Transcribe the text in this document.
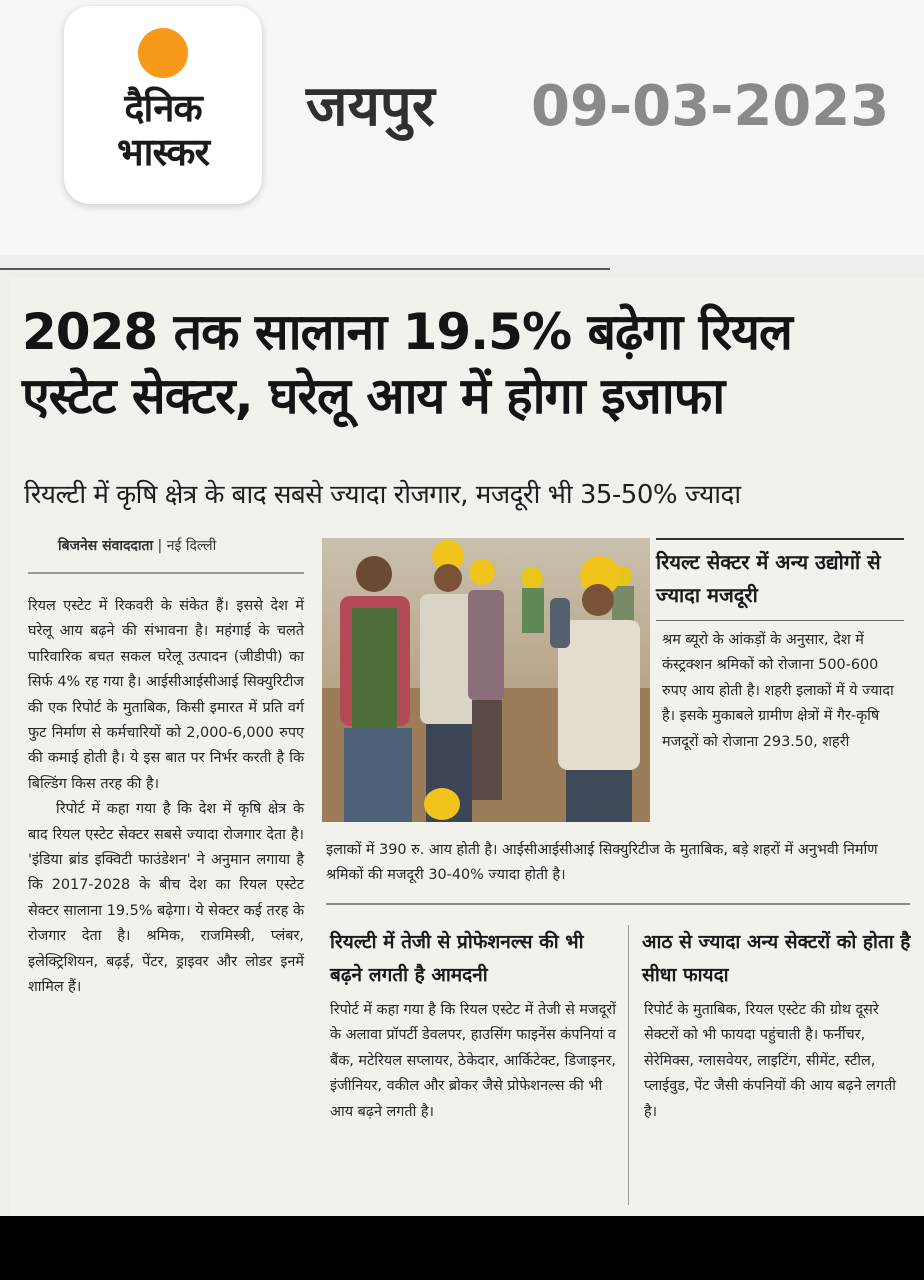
दैनिक
भास्कर
जयपुर 09-03-2023
2028 तक सालाना 19.5% बढ़ेगा रियल
एस्टेट सेक्टर, घरेलू आय में होगा इजाफा
रियल्टी में कृषि क्षेत्र के बाद सबसे ज्यादा रोजगार, मजदूरी भी 35-50% ज्यादा
बिजनेस संवाददाता | नई दिल्ली

रियल एस्टेट में रिकवरी के संकेत हैं। इससे देश में घरेलू आय बढ़ने की संभावना है। महंगाई के चलते पारिवारिक बचत सकल घरेलू उत्पादन (जीडीपी) का सिर्फ 4% रह गया है। आईसीआईसीआई सिक्युरिटीज की एक रिपोर्ट के मुताबिक, किसी इमारत में प्रति वर्ग फुट निर्माण से कर्मचारियों को 2,000-6,000 रुपए की कमाई होती है। ये इस बात पर निर्भर करती है कि बिल्डिंग किस तरह की है।

रिपोर्ट में कहा गया है कि देश में कृषि क्षेत्र के बाद रियल एस्टेट सेक्टर सबसे ज्यादा रोजगार देता है। 'इंडिया ब्रांड इक्विटी फाउंडेशन' ने अनुमान लगाया है कि 2017-2028 के बीच देश का रियल एस्टेट सेक्टर सालाना 19.5% बढ़ेगा। ये सेक्टर कई तरह के रोजगार देता है। श्रमिक, राजमिस्त्री, प्लंबर, इलेक्ट्रिशियन, बढ़ई, पेंटर, ड्राइवर और लोडर इनमें शामिल हैं।

रियल्ट सेक्टर में अन्य उद्योगों से ज्यादा मजदूरी
श्रम ब्यूरो के आंकड़ों के अनुसार, देश में कंस्ट्रक्शन श्रमिकों को रोजाना 500-600 रुपए आय होती है। शहरी इलाकों में ये ज्यादा है। इसके मुकाबले ग्रामीण क्षेत्रों में गैर-कृषि मजदूरों को रोजाना 293.50, शहरी
इलाकों में 390 रु. आय होती है। आईसीआईसीआई सिक्युरिटीज के मुताबिक, बड़े शहरों में अनुभवी निर्माण श्रमिकों की मजदूरी 30-40% ज्यादा होती है।
रियल्टी में तेजी से प्रोफेशनल्स की भी बढ़ने लगती है आमदनी
रिपोर्ट में कहा गया है कि रियल एस्टेट में तेजी से मजदूरों के अलावा प्रॉपर्टी डेवलपर, हाउसिंग फाइनेंस कंपनियां व बैंक, मटेरियल सप्लायर, ठेकेदार, आर्किटेक्ट, डिजाइनर, इंजीनियर, वकील और ब्रोकर जैसे प्रोफेशनल्स की भी आय बढ़ने लगती है।
आठ से ज्यादा अन्य सेक्टरों को होता है सीधा फायदा
रिपोर्ट के मुताबिक, रियल एस्टेट की ग्रोथ दूसरे सेक्टरों को भी फायदा पहुंचाती है। फर्नीचर, सेरेमिक्स, ग्लासवेयर, लाइटिंग, सीमेंट, स्टील, प्लाईवुड, पेंट जैसी कंपनियों की आय बढ़ने लगती है।
